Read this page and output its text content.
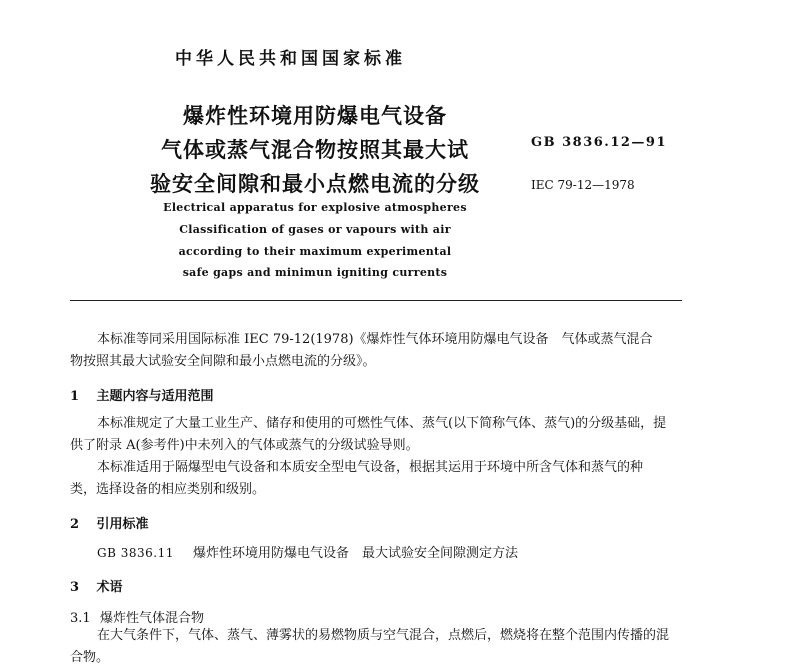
中华人民共和国国家标准
爆炸性环境用防爆电气设备
气体或蒸气混合物按照其最大试
验安全间隙和最小点燃电流的分级
GB 3836.12—91
IEC 79-12—1978
Electrical apparatus for explosive atmospheres
Classification of gases or vapours with air
according to their maximum experimental
safe gaps and minimun igniting currents
本标准等同采用国际标准 IEC 79-12(1978)《爆炸性气体环境用防爆电气设备　气体或蒸气混合
物按照其最大试验安全间隙和最小点燃电流的分级》。
1 主题内容与适用范围
本标准规定了大量工业生产、储存和使用的可燃性气体、蒸气(以下简称气体、蒸气)的分级基础，提
供了附录 A(参考件)中未列入的气体或蒸气的分级试验导则。
本标准适用于隔爆型电气设备和本质安全型电气设备，根据其运用于环境中所含气体和蒸气的种
类，选择设备的相应类别和级别。
2 引用标准
GB 3836.11 爆炸性环境用防爆电气设备　最大试验安全间隙测定方法
3 术语
3.1 爆炸性气体混合物
在大气条件下，气体、蒸气、薄雾状的易燃物质与空气混合，点燃后，燃烧将在整个范围内传播的混
合物。
